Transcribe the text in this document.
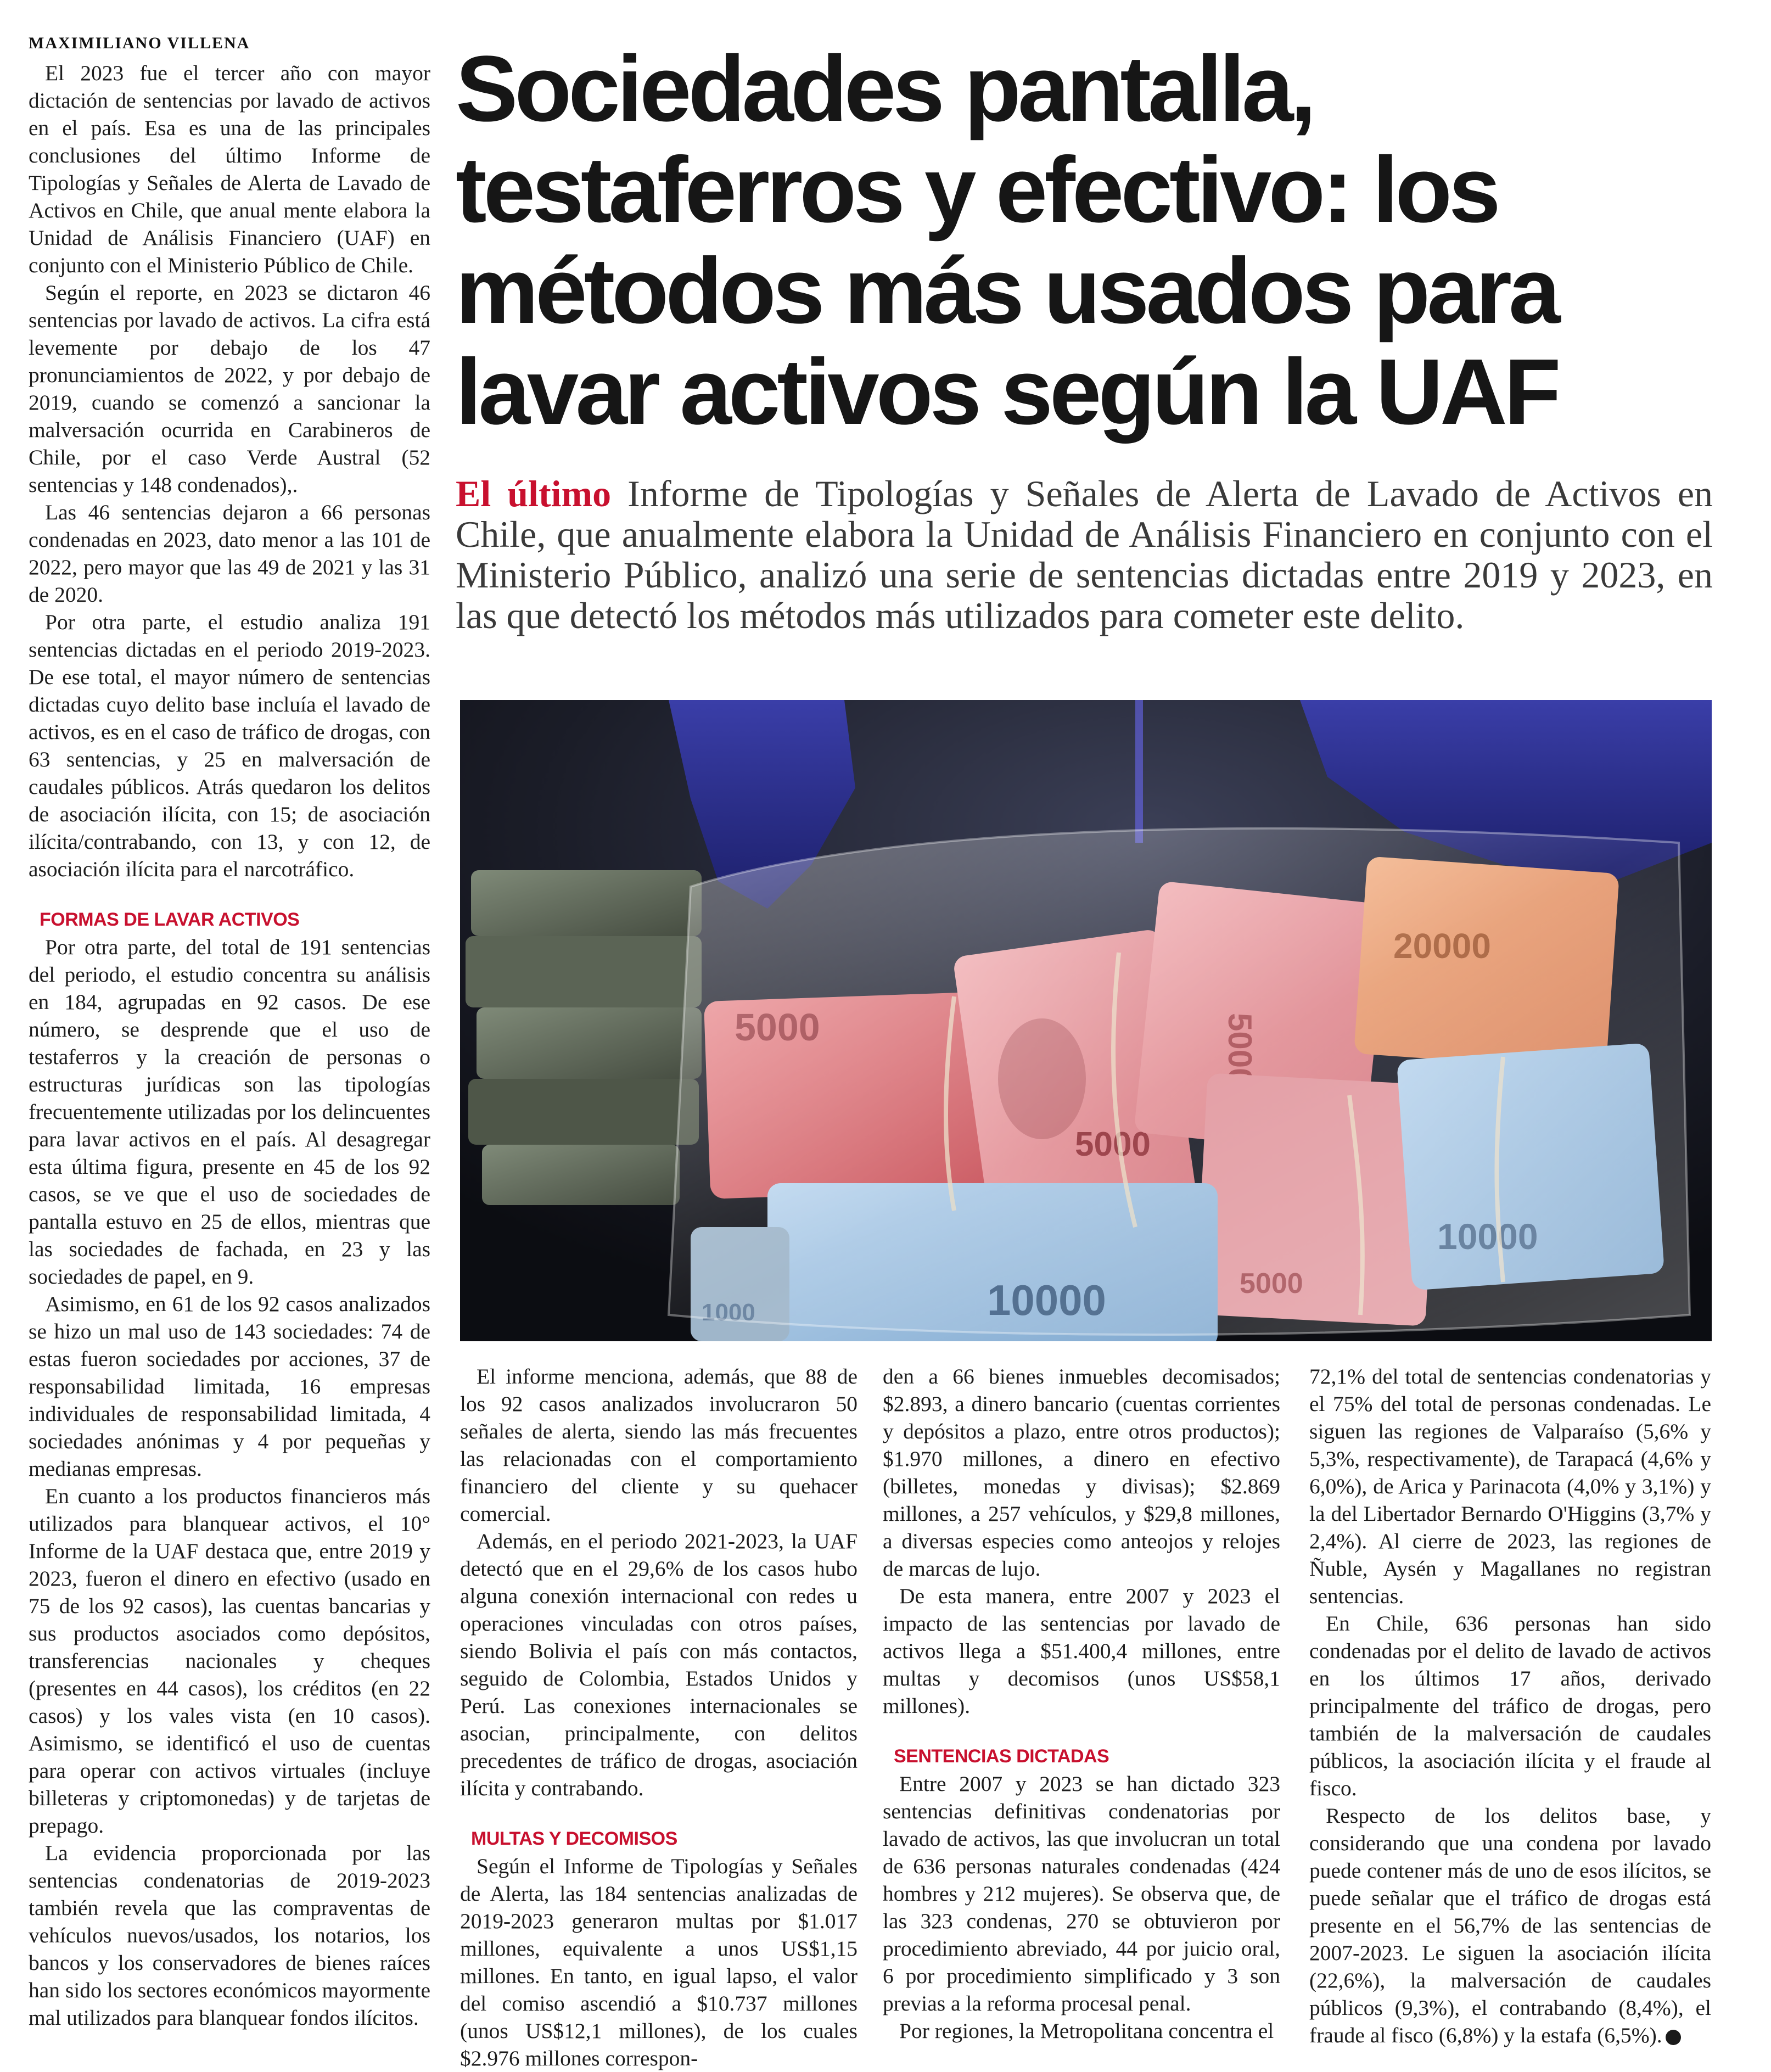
MAXIMILIANO VILLENA

El 2023 fue el tercer año con mayor dictación de sentencias por lavado de activos en el país. Esa es una de las principales conclusiones del último Informe de Tipologías y Señales de Alerta de Lavado de Activos en Chile, que anual mente elabora la Unidad de Análisis Financiero (UAF) en conjunto con el Ministerio Público de Chile.

Según el reporte, en 2023 se dictaron 46 sentencias por lavado de activos. La cifra está levemente por debajo de los 47 pronunciamientos de 2022, y por debajo de 2019, cuando se comenzó a sancionar la malversación ocurrida en Carabineros de Chile, por el caso Verde Austral (52 sentencias y 148 condenados),.

Las 46 sentencias dejaron a 66 personas condenadas en 2023, dato menor a las 101 de 2022, pero mayor que las 49 de 2021 y las 31 de 2020.

Por otra parte, el estudio analiza 191 sentencias dictadas en el periodo 2019-2023. De ese total, el mayor número de sentencias dictadas cuyo delito base incluía el lavado de activos, es en el caso de tráfico de drogas, con 63 sentencias, y 25 en malversación de caudales públicos. Atrás quedaron los delitos de asociación ilícita, con 15; de asociación ilícita/contrabando, con 13, y con 12, de asociación ilícita para el narcotráfico.

FORMAS DE LAVAR ACTIVOS

Por otra parte, del total de 191 sentencias del periodo, el estudio concentra su análisis en 184, agrupadas en 92 casos. De ese número, se desprende que el uso de testaferros y la creación de personas o estructuras jurídicas son las tipologías frecuentemente utilizadas por los delincuentes para lavar activos en el país. Al desagregar esta última figura, presente en 45 de los 92 casos, se ve que el uso de sociedades de pantalla estuvo en 25 de ellos, mientras que las sociedades de fachada, en 23 y las sociedades de papel, en 9.

Asimismo, en 61 de los 92 casos analizados se hizo un mal uso de 143 sociedades: 74 de estas fueron sociedades por acciones, 37 de responsabilidad limitada, 16 empresas individuales de responsabilidad limitada, 4 sociedades anónimas y 4 por pequeñas y medianas empresas.

En cuanto a los productos financieros más utilizados para blanquear activos, el 10° Informe de la UAF destaca que, entre 2019 y 2023, fueron el dinero en efectivo (usado en 75 de los 92 casos), las cuentas bancarias y sus productos asociados como depósitos, transferencias nacionales y cheques (presentes en 44 casos), los créditos (en 22 casos) y los vales vista (en 10 casos). Asimismo, se identificó el uso de cuentas para operar con activos virtuales (incluye billeteras y criptomonedas) y de tarjetas de prepago.

La evidencia proporcionada por las sentencias condenatorias de 2019-2023 también revela que las compraventas de vehículos nuevos/usados, los notarios, los bancos y los conservadores de bienes raíces han sido los sectores económicos mayormente mal utilizados para blanquear fondos ilícitos.

Sociedades pantalla, testaferros y efectivo: los métodos más usados para lavar activos según la UAF

El último Informe de Tipologías y Señales de Alerta de Lavado de Activos en Chile, que anualmente elabora la Unidad de Análisis Financiero en conjunto con el Ministerio Público, analizó una serie de sentencias dictadas entre 2019 y 2023, en las que detectó los métodos más utilizados para cometer este delito.

El informe menciona, además, que 88 de los 92 casos analizados involucraron 50 señales de alerta, siendo las más frecuentes las relacionadas con el comportamiento financiero del cliente y su quehacer comercial.

Además, en el periodo 2021-2023, la UAF detectó que en el 29,6% de los casos hubo alguna conexión internacional con redes u operaciones vinculadas con otros países, siendo Bolivia el país con más contactos, seguido de Colombia, Estados Unidos y Perú. Las conexiones internacionales se asocian, principalmente, con delitos precedentes de tráfico de drogas, asociación ilícita y contrabando.

MULTAS Y DECOMISOS

Según el Informe de Tipologías y Señales de Alerta, las 184 sentencias analizadas de 2019-2023 generaron multas por $1.017 millones, equivalente a unos US$1,15 millones. En tanto, en igual lapso, el valor del comiso ascendió a $10.737 millones (unos US$12,1 millones), de los cuales $2.976 millones correspon-

den a 66 bienes inmuebles decomisados; $2.893, a dinero bancario (cuentas corrientes y depósitos a plazo, entre otros productos); $1.970 millones, a dinero en efectivo (billetes, monedas y divisas); $2.869 millones, a 257 vehículos, y $29,8 millones, a diversas especies como anteojos y relojes de marcas de lujo.

De esta manera, entre 2007 y 2023 el impacto de las sentencias por lavado de activos llega a $51.400,4 millones, entre multas y decomisos (unos US$58,1 millones).

SENTENCIAS DICTADAS

Entre 2007 y 2023 se han dictado 323 sentencias definitivas condenatorias por lavado de activos, las que involucran un total de 636 personas naturales condenadas (424 hombres y 212 mujeres). Se observa que, de las 323 condenas, 270 se obtuvieron por procedimiento abreviado, 44 por juicio oral, 6 por procedimiento simplificado y 3 son previas a la reforma procesal penal.

Por regiones, la Metropolitana concentra el

72,1% del total de sentencias condenatorias y el 75% del total de personas condenadas. Le siguen las regiones de Valparaíso (5,6% y 5,3%, respectivamente), de Tarapacá (4,6% y 6,0%), de Arica y Parinacota (4,0% y 3,1%) y la del Libertador Bernardo O'Higgins (3,7% y 2,4%). Al cierre de 2023, las regiones de Ñuble, Aysén y Magallanes no registran sentencias.

En Chile, 636 personas han sido condenadas por el delito de lavado de activos en los últimos 17 años, derivado principalmente del tráfico de drogas, pero también de la malversación de caudales públicos, la asociación ilícita y el fraude al fisco.

Respecto de los delitos base, y considerando que una condena por lavado puede contener más de uno de esos ilícitos, se puede señalar que el tráfico de drogas está presente en el 56,7% de las sentencias de 2007-2023. Le siguen la asociación ilícita (22,6%), la malversación de caudales públicos (9,3%), el contrabando (8,4%), el fraude al fisco (6,8%) y la estafa (6,5%).
